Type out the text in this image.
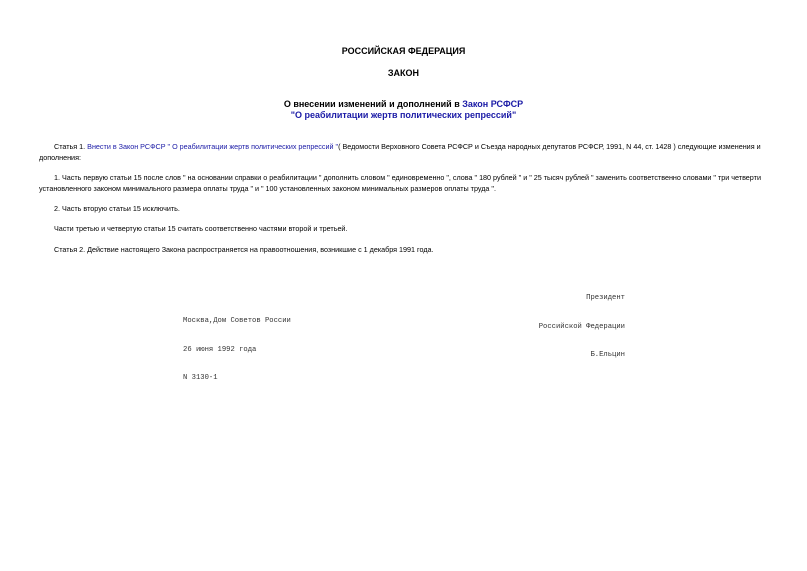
РОССИЙСКАЯ ФЕДЕРАЦИЯ
ЗАКОН
О внесении изменений и дополнений в Закон РСФСР
"О реабилитации жертв политических репрессий"
Статья 1. Внести в Закон РСФСР " О реабилитации жертв политических репрессий "( Ведомости Верховного Совета РСФСР и Съезда народных депутатов РСФСР, 1991, N 44, ст. 1428 ) следующие изменения и
дополнения:
1. Часть первую статьи 15 после слов " на основании справки о реабилитации " дополнить словом " единовременно ", слова " 180 рублей " и " 25 тысяч рублей " заменить соответственно словами " три четверти
установленного законом минимального размера оплаты труда " и " 100 установленных законом минимальных размеров оплаты труда ".
2. Часть вторую статьи 15 исключить.
Части третью и четвертую статьи 15 считать соответственно частями второй и третьей.
Статья 2. Действие настоящего Закона распространяется на правоотношения, возникшие с 1 декабря 1991 года.

Президент

Российской Федерации

Б.Ельцин

Москва,Дом Советов России

26 июня 1992 года

N 3130-1
